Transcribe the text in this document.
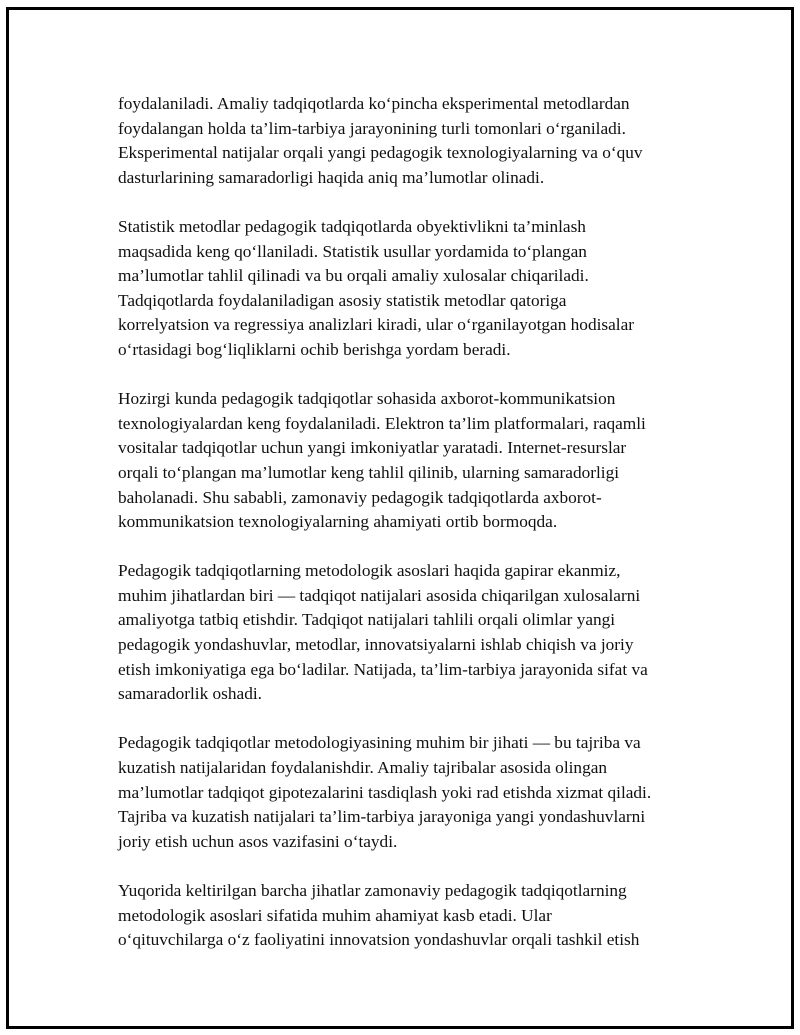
foydalaniladi. Amaliy tadqiqotlarda ko‘pincha eksperimental metodlardan
foydalangan holda ta’lim-tarbiya jarayonining turli tomonlari o‘rganiladi.
Eksperimental natijalar orqali yangi pedagogik texnologiyalarning va o‘quv
dasturlarining samaradorligi haqida aniq ma’lumotlar olinadi.

Statistik metodlar pedagogik tadqiqotlarda obyektivlikni ta’minlash
maqsadida keng qo‘llaniladi. Statistik usullar yordamida to‘plangan
ma’lumotlar tahlil qilinadi va bu orqali amaliy xulosalar chiqariladi.
Tadqiqotlarda foydalaniladigan asosiy statistik metodlar qatoriga
korrelyatsion va regressiya analizlari kiradi, ular o‘rganilayotgan hodisalar
o‘rtasidagi bog‘liqliklarni ochib berishga yordam beradi.

Hozirgi kunda pedagogik tadqiqotlar sohasida axborot-kommunikatsion
texnologiyalardan keng foydalaniladi. Elektron ta’lim platformalari, raqamli
vositalar tadqiqotlar uchun yangi imkoniyatlar yaratadi. Internet-resurslar
orqali to‘plangan ma’lumotlar keng tahlil qilinib, ularning samaradorligi
baholanadi. Shu sababli, zamonaviy pedagogik tadqiqotlarda axborot-
kommunikatsion texnologiyalarning ahamiyati ortib bormoqda.

Pedagogik tadqiqotlarning metodologik asoslari haqida gapirar ekanmiz,
muhim jihatlardan biri — tadqiqot natijalari asosida chiqarilgan xulosalarni
amaliyotga tatbiq etishdir. Tadqiqot natijalari tahlili orqali olimlar yangi
pedagogik yondashuvlar, metodlar, innovatsiyalarni ishlab chiqish va joriy
etish imkoniyatiga ega bo‘ladilar. Natijada, ta’lim-tarbiya jarayonida sifat va
samaradorlik oshadi.

Pedagogik tadqiqotlar metodologiyasining muhim bir jihati — bu tajriba va
kuzatish natijalaridan foydalanishdir. Amaliy tajribalar asosida olingan
ma’lumotlar tadqiqot gipotezalarini tasdiqlash yoki rad etishda xizmat qiladi.
Tajriba va kuzatish natijalari ta’lim-tarbiya jarayoniga yangi yondashuvlarni
joriy etish uchun asos vazifasini o‘taydi.

Yuqorida keltirilgan barcha jihatlar zamonaviy pedagogik tadqiqotlarning
metodologik asoslari sifatida muhim ahamiyat kasb etadi. Ular
o‘qituvchilarga o‘z faoliyatini innovatsion yondashuvlar orqali tashkil etish
